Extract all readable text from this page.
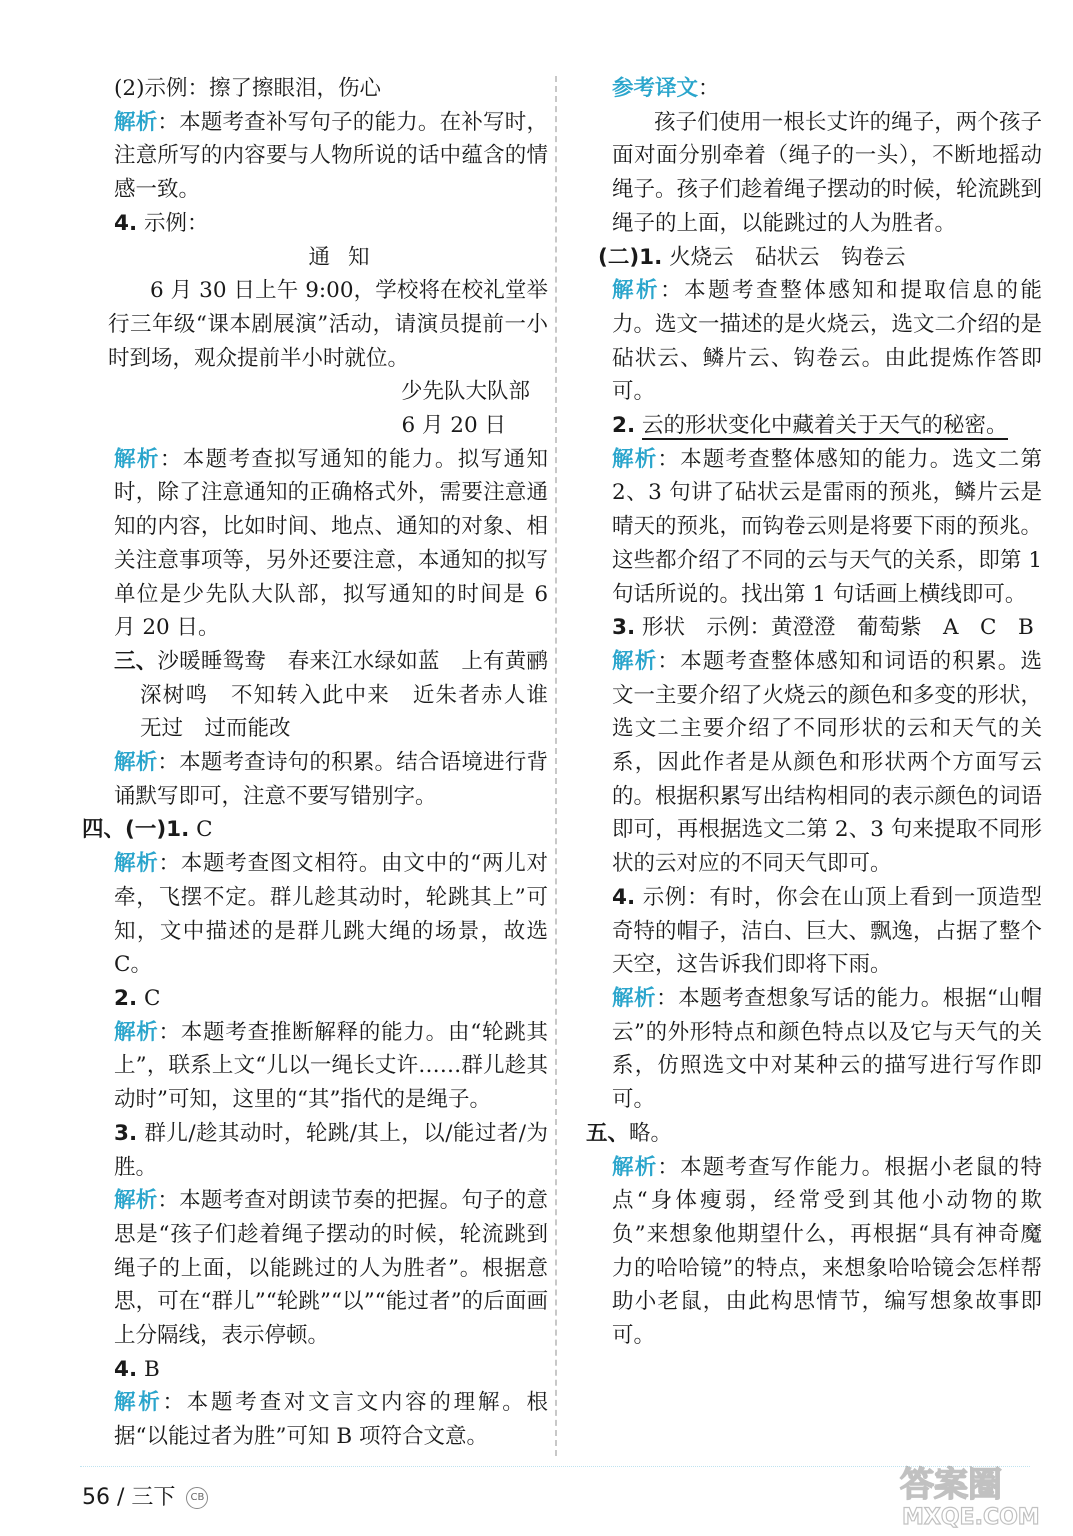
(2)示例：擦了擦眼泪，伤心

解析：本题考查补写句子的能力。在补写时，注意所写的内容要与人物所说的话中蕴含的情感一致。

4. 示例：

通知

6 月 30 日上午 9:00，学校将在校礼堂举行三年级“课本剧展演”活动，请演员提前一小时到场，观众提前半小时就位。

少先队大队部

6 月 20 日

解析：本题考查拟写通知的能力。拟写通知时，除了注意通知的正确格式外，需要注意通知的内容，比如时间、地点、通知的对象、相关注意事项等，另外还要注意，本通知的拟写单位是少先队大队部，拟写通知的时间是 6 月 20 日。

三、沙暖睡鸳鸯　春来江水绿如蓝　上有黄鹂深树鸣　不知转入此中来　近朱者赤人谁无过　过而能改

解析：本题考查诗句的积累。结合语境进行背诵默写即可，注意不要写错别字。

四、(一)1. C

解析：本题考查图文相符。由文中的“两儿对牵，飞摆不定。群儿趁其动时，轮跳其上”可知，文中描述的是群儿跳大绳的场景，故选 C。

2. C

解析：本题考查推断解释的能力。由“轮跳其上”，联系上文“儿以一绳长丈许……群儿趁其动时”可知，这里的“其”指代的是绳子。

3. 群儿/趁其动时，轮跳/其上，以/能过者/为胜。

解析：本题考查对朗读节奏的把握。句子的意思是“孩子们趁着绳子摆动的时候，轮流跳到绳子的上面，以能跳过的人为胜者”。根据意思，可在“群儿”“轮跳”“以”“能过者”的后面画上分隔线，表示停顿。

4. B

解析：本题考查对文言文内容的理解。根据“以能过者为胜”可知 B 项符合文意。

参考译文：

孩子们使用一根长丈许的绳子，两个孩子面对面分别牵着（绳子的一头），不断地摇动绳子。孩子们趁着绳子摆动的时候，轮流跳到绳子的上面，以能跳过的人为胜者。

(二)1. 火烧云　砧状云　钩卷云

解析：本题考查整体感知和提取信息的能力。选文一描述的是火烧云，选文二介绍的是砧状云、鳞片云、钩卷云。由此提炼作答即可。

2. 云的形状变化中藏着关于天气的秘密。

解析：本题考查整体感知的能力。选文二第 2、3 句讲了砧状云是雷雨的预兆，鳞片云是晴天的预兆，而钩卷云则是将要下雨的预兆。这些都介绍了不同的云与天气的关系，即第 1 句话所说的。找出第 1 句话画上横线即可。

3. 形状　示例：黄澄澄　葡萄紫　A　C　B

解析：本题考查整体感知和词语的积累。选文一主要介绍了火烧云的颜色和多变的形状，选文二主要介绍了不同形状的云和天气的关系，因此作者是从颜色和形状两个方面写云的。根据积累写出结构相同的表示颜色的词语即可，再根据选文二第 2、3 句来提取不同形状的云对应的不同天气即可。

4. 示例：有时，你会在山顶上看到一顶造型奇特的帽子，洁白、巨大、飘逸，占据了整个天空，这告诉我们即将下雨。

解析：本题考查想象写话的能力。根据“山帽云”的外形特点和颜色特点以及它与天气的关系，仿照选文中对某种云的描写进行写作即可。

五、略。

解析：本题考查写作能力。根据小老鼠的特点“身体瘦弱，经常受到其他小动物的欺负”来想象他期望什么，再根据“具有神奇魔力的哈哈镜”的特点，来想象哈哈镜会怎样帮助小老鼠，由此构思情节，编写想象故事即可。

56 / 三下 CB	答案圈
MXQE.COM
